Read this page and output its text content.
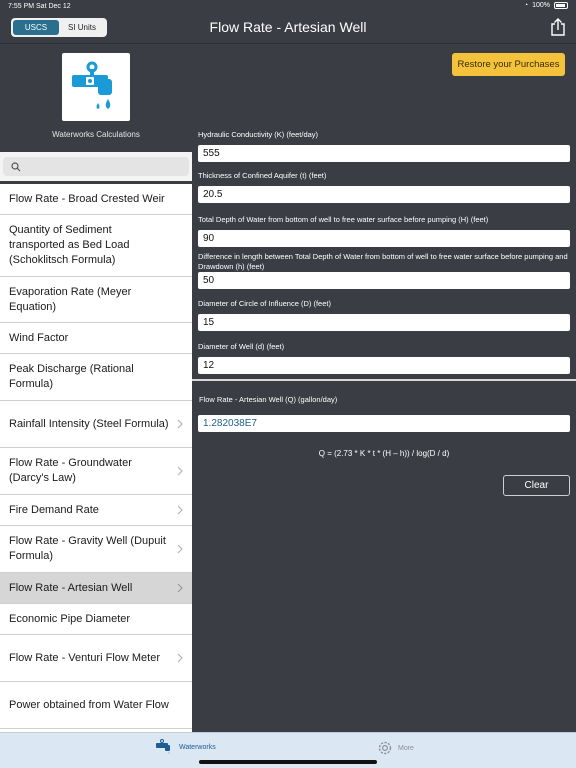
7:55 PM Sat Dec 12	◔ 100%
USCS	SI Units	Flow Rate - Artesian Well
Waterworks Calculations
Flow Rate - Broad Crested Weir
Quantity of Sediment transported as Bed Load (Schoklitsch Formula)
Evaporation Rate (Meyer Equation)
Wind Factor
Peak Discharge (Rational Formula)
Rainfall Intensity (Steel Formula)
Flow Rate - Groundwater (Darcy's Law)
Fire Demand Rate
Flow Rate - Gravity Well (Dupuit Formula)
Flow Rate - Artesian Well
Economic Pipe Diameter
Flow Rate - Venturi Flow Meter
Power obtained from Water Flow
Restore your Purchases
Hydraulic Conductivity (K) (feet/day)
555
Thickness of Confined Aquifer (t) (feet)
20.5
Total Depth of Water from bottom of well to free water surface before pumping (H) (feet)
90
Difference in length between Total Depth of Water from bottom of well to free water surface before pumping and Drawdown (h) (feet)
50
Diameter of Circle of Influence (D) (feet)
15
Diameter of Well (d) (feet)
12
Flow Rate - Artesian Well (Q) (gallon/day)
1.282038E7
Q = (2.73 * K * t * (H – h)) / log(D / d)
Clear
Waterworks	More
